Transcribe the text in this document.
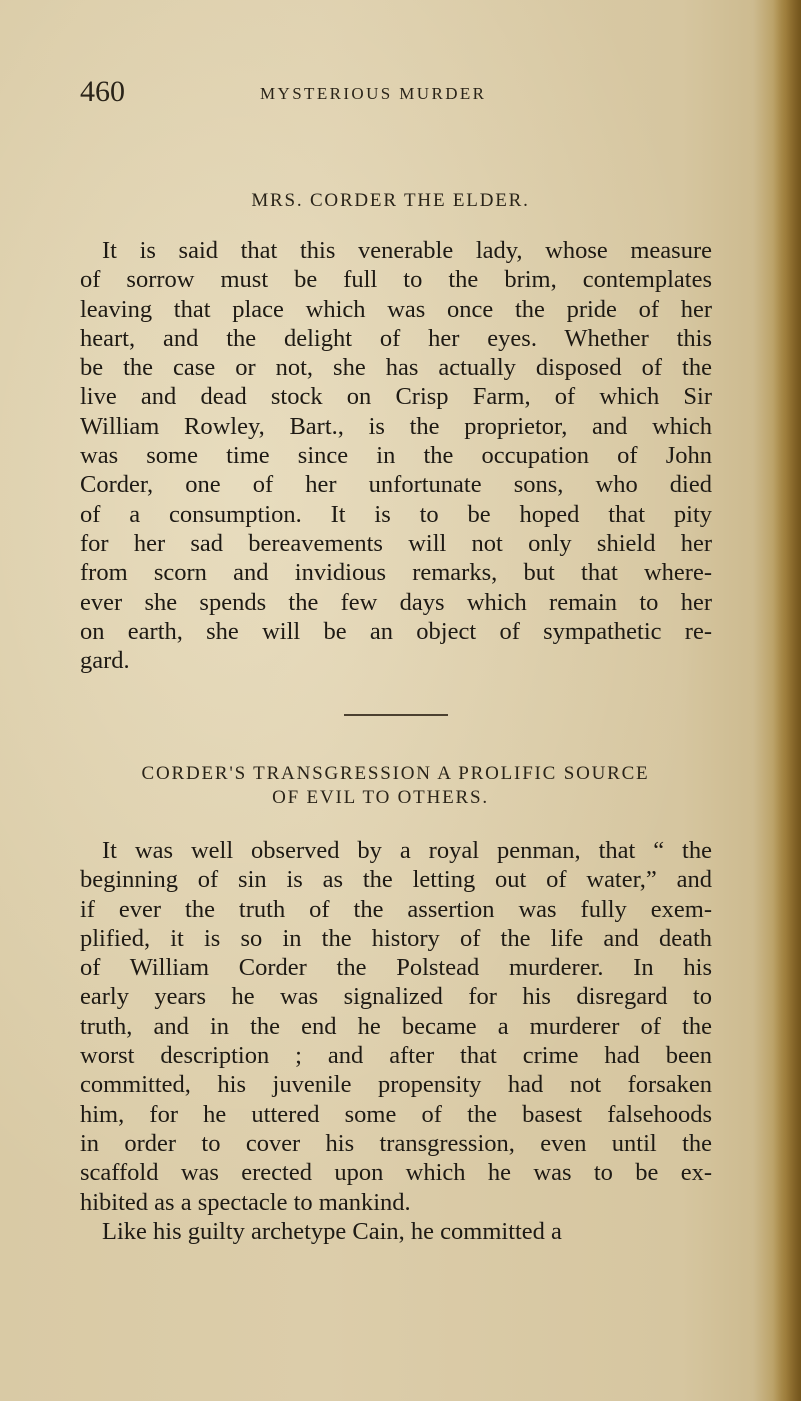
460	MYSTERIOUS MURDER
MRS. CORDER THE ELDER.
It is said that this venerable lady, whose measure
of sorrow must be full to the brim, contemplates
leaving that place which was once the pride of her
heart, and the delight of her eyes. Whether this
be the case or not, she has actually disposed of the
live and dead stock on Crisp Farm, of which Sir
William Rowley, Bart., is the proprietor, and which
was some time since in the occupation of John
Corder, one of her unfortunate sons, who died
of a consumption. It is to be hoped that pity
for her sad bereavements will not only shield her
from scorn and invidious remarks, but that where-
ever she spends the few days which remain to her
on earth, she will be an object of sympathetic re-
gard.
CORDER'S TRANSGRESSION A PROLIFIC SOURCE
OF EVIL TO OTHERS.
It was well observed by a royal penman, that “ the
beginning of sin is as the letting out of water,” and
if ever the truth of the assertion was fully exem-
plified, it is so in the history of the life and death
of William Corder the Polstead murderer. In his
early years he was signalized for his disregard to
truth, and in the end he became a murderer of the
worst description ; and after that crime had been
committed, his juvenile propensity had not forsaken
him, for he uttered some of the basest falsehoods
in order to cover his transgression, even until the
scaffold was erected upon which he was to be ex-
hibited as a spectacle to mankind.
Like his guilty archetype Cain, he committed a
